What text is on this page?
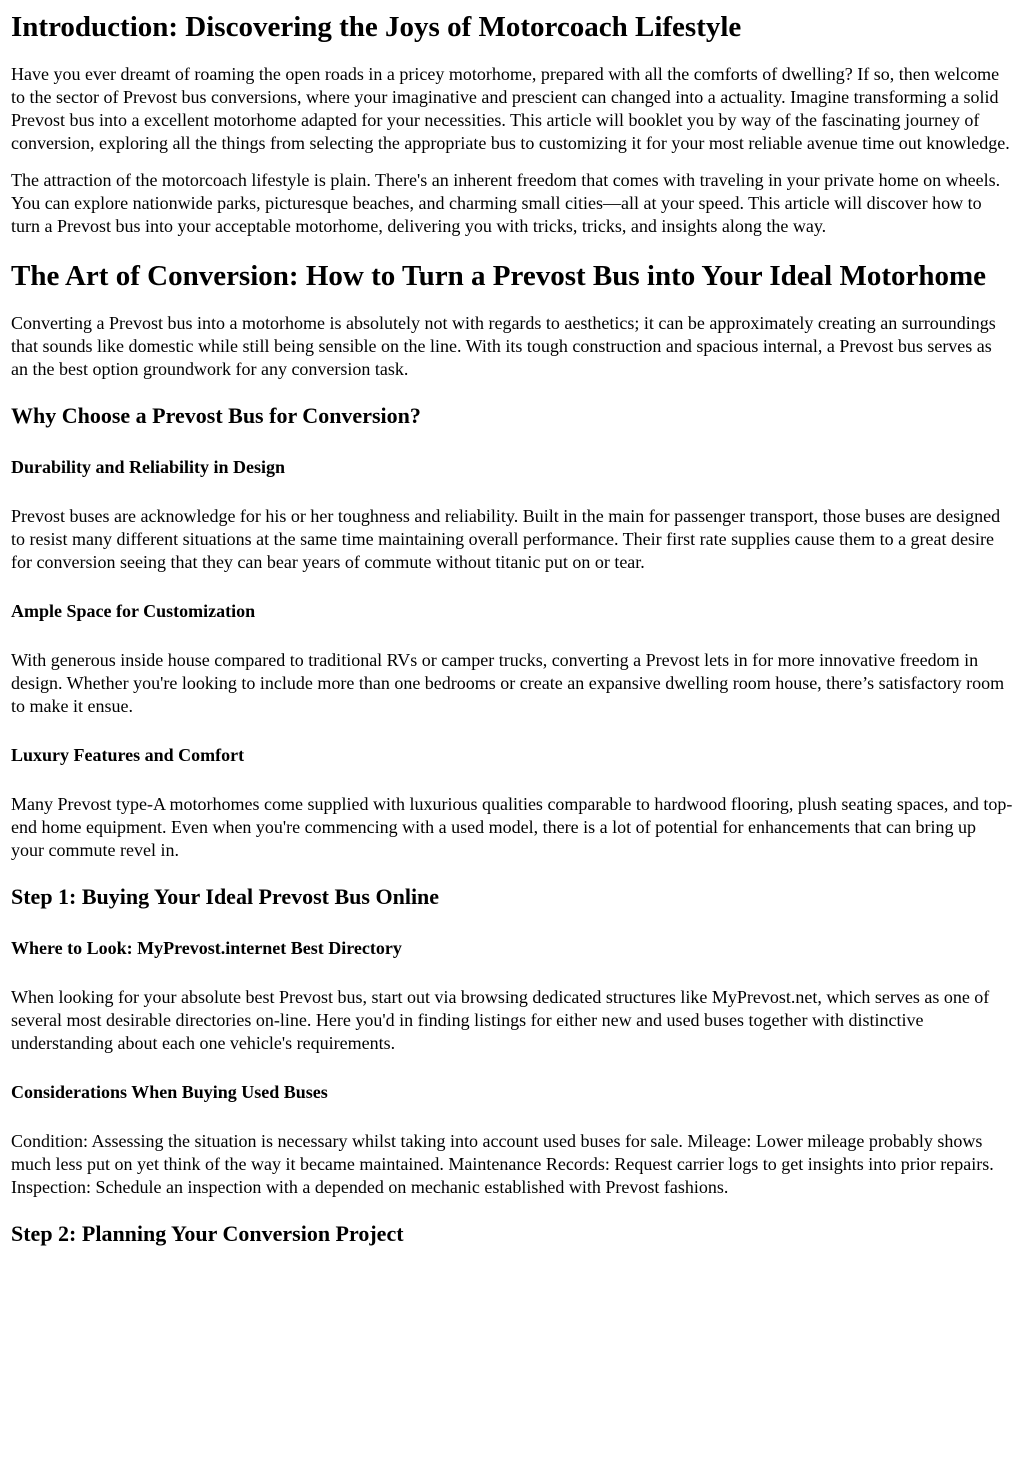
Introduction: Discovering the Joys of Motorcoach Lifestyle

Have you ever dreamt of roaming the open roads in a pricey motorhome, prepared with all the comforts of dwelling? If so, then welcome to the sector of Prevost bus conversions, where your imaginative and prescient can changed into a actuality. Imagine transforming a solid Prevost bus into a excellent motorhome adapted for your necessities. This article will booklet you by way of the fascinating journey of conversion, exploring all the things from selecting the appropriate bus to customizing it for your most reliable avenue time out knowledge.

The attraction of the motorcoach lifestyle is plain. There's an inherent freedom that comes with traveling in your private home on wheels. You can explore nationwide parks, picturesque beaches, and charming small cities—all at your speed. This article will discover how to turn a Prevost bus into your acceptable motorhome, delivering you with tricks, tricks, and insights along the way.

The Art of Conversion: How to Turn a Prevost Bus into Your Ideal Motorhome

Converting a Prevost bus into a motorhome is absolutely not with regards to aesthetics; it can be approximately creating an surroundings that sounds like domestic while still being sensible on the line. With its tough construction and spacious internal, a Prevost bus serves as an the best option groundwork for any conversion task.

Why Choose a Prevost Bus for Conversion?
Durability and Reliability in Design

Prevost buses are acknowledge for his or her toughness and reliability. Built in the main for passenger transport, those buses are designed to resist many different situations at the same time maintaining overall performance. Their first rate supplies cause them to a great desire for conversion seeing that they can bear years of commute without titanic put on or tear.

Ample Space for Customization

With generous inside house compared to traditional RVs or camper trucks, converting a Prevost lets in for more innovative freedom in design. Whether you're looking to include more than one bedrooms or create an expansive dwelling room house, there’s satisfactory room to make it ensue.

Luxury Features and Comfort

Many Prevost type-A motorhomes come supplied with luxurious qualities comparable to hardwood flooring, plush seating spaces, and top-end home equipment. Even when you're commencing with a used model, there is a lot of potential for enhancements that can bring up your commute revel in.

Step 1: Buying Your Ideal Prevost Bus Online
Where to Look: MyPrevost.internet Best Directory

When looking for your absolute best Prevost bus, start out via browsing dedicated structures like MyPrevost.net, which serves as one of several most desirable directories on-line. Here you'd in finding listings for either new and used buses together with distinctive understanding about each one vehicle's requirements.

Considerations When Buying Used Buses

Condition: Assessing the situation is necessary whilst taking into account used buses for sale. Mileage: Lower mileage probably shows much less put on yet think of the way it became maintained. Maintenance Records: Request carrier logs to get insights into prior repairs. Inspection: Schedule an inspection with a depended on mechanic established with Prevost fashions.

Step 2: Planning Your Conversion Project
